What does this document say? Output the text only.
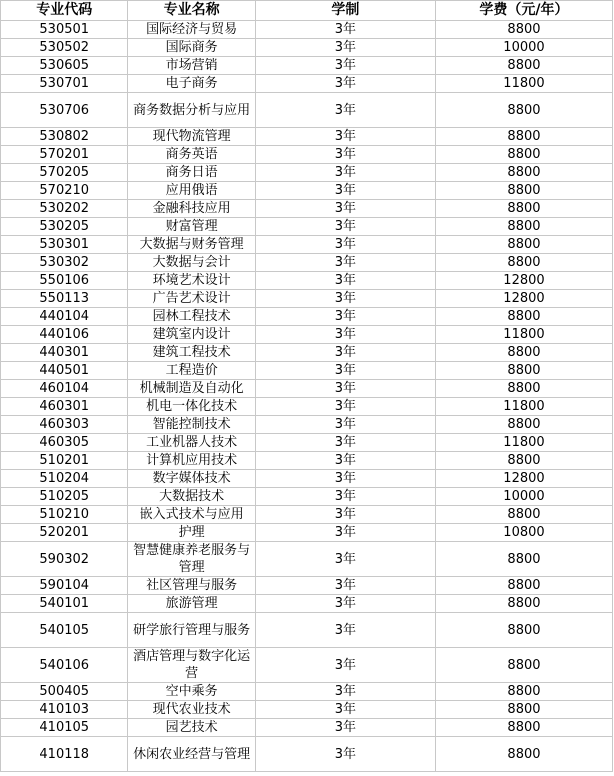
专业代码	专业名称	学制	学费（元/年）
530501	国际经济与贸易	3年	8800
530502	国际商务	3年	10000
530605	市场营销	3年	8800
530701	电子商务	3年	11800
530706	商务数据分析与应用	3年	8800
530802	现代物流管理	3年	8800
570201	商务英语	3年	8800
570205	商务日语	3年	8800
570210	应用俄语	3年	8800
530202	金融科技应用	3年	8800
530205	财富管理	3年	8800
530301	大数据与财务管理	3年	8800
530302	大数据与会计	3年	8800
550106	环境艺术设计	3年	12800
550113	广告艺术设计	3年	12800
440104	园林工程技术	3年	8800
440106	建筑室内设计	3年	11800
440301	建筑工程技术	3年	8800
440501	工程造价	3年	8800
460104	机械制造及自动化	3年	8800
460301	机电一体化技术	3年	11800
460303	智能控制技术	3年	8800
460305	工业机器人技术	3年	11800
510201	计算机应用技术	3年	8800
510204	数字媒体技术	3年	12800
510205	大数据技术	3年	10000
510210	嵌入式技术与应用	3年	8800
520201	护理	3年	10800
590302	智慧健康养老服务与管理	3年	8800
590104	社区管理与服务	3年	8800
540101	旅游管理	3年	8800
540105	研学旅行管理与服务	3年	8800
540106	酒店管理与数字化运营	3年	8800
500405	空中乘务	3年	8800
410103	现代农业技术	3年	8800
410105	园艺技术	3年	8800
410118	休闲农业经营与管理	3年	8800
